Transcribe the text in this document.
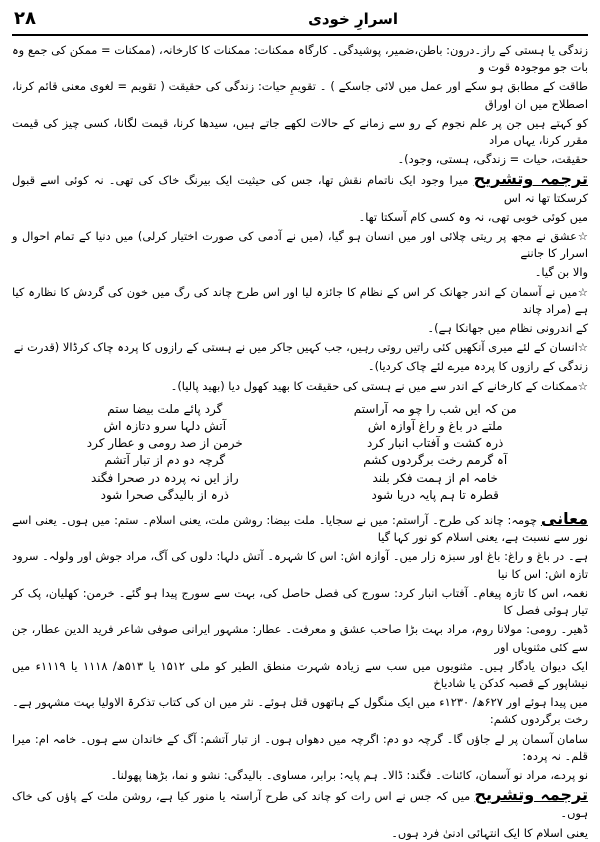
اسرارِ خودی
۲۸

زندگی یا ہستی کے راز۔درون: باطن،ضمیر، پوشیدگی۔ کارگاہ ممکنات: ممکنات کا کارخانہ، (ممکنات = ممکن کی جمع وہ بات جو موجودہ قوت و

طاقت کے مطابق ہو سکے اور عمل میں لائی جاسکے ) ۔ تقویمِ حیات: زندگی کی حقیقت ( تقویم = لغوی معنی قائم کرنا، اصطلاح میں ان اوراق

کو کہتے ہیں جن پر علم نجوم کے رو سے زمانے کے حالات لکھے جاتے ہیں، سیدھا کرنا، قیمت لگانا، کسی چیز کی قیمت مقرر کرنا، یہاں مراد

حقیقت، حیات = زندگی، ہستی، وجود)۔

ترجمہ وتشریح میرا وجود ایک ناتمام نقش تھا، جس کی حیثیت ایک بیرنگ خاک کی تھی۔ نہ کوئی اسے قبول کرسکتا تھا نہ اس

میں کوئی خوبی تھی، نہ وہ کسی کام آسکتا تھا۔

☆عشق نے مجھ پر ریتی چلائی اور میں انسان ہو گیا، (میں نے آدمی کی صورت اختیار کرلی) میں دنیا کے تمام احوال و اسرار کا جاننے

والا بن گیا۔

☆میں نے آسمان کے اندر جھانک کر اس کے نظام کا جائزہ لیا اور اس طرح چاند کی رگ میں خون کی گردش کا نظارہ کیا ہے (مراد چاند

کے اندرونی نظام میں جھانکا ہے)۔

☆انسان کے لئے میری آنکھیں کئی راتیں روتی رہیں، جب کہیں جاکر میں نے ہستی کے رازوں کا پردہ چاک کرڈالا (قدرت نے

زندگی کے رازوں کا پردہ میرے لئے چاک کردیا)۔

☆ممکنات کے کارخانے کے اندر سے میں نے ہستی کی حقیقت کا بھید کھول دیا (بھید پالیا)۔

من کہ ایں شب را چو مہ آراستم
گرد پائے ملت بیضا ستم
ملتے در باغ و راغ آوازہ اش
آتش دلہا سرو دتازہ اش
ذرہ کشت و آفتاب انبار کرد
خرمن از صد رومی و عطار کرد
آہ گرمم رخت برگردوں کشم
گرچہ دو دم از تبار آتشم
خامہ ام از ہمت فکر بلند
راز ایں نہ پردہ در صحرا فگند
قطرہ تا ہم پایہ دریا شود
ذرہ از بالیدگی صحرا شود

معانی چومہ: چاند کی طرح۔ آراستم: میں نے سجایا۔ ملت بیضا: روشن ملت، یعنی اسلام۔ ستم: میں ہوں۔ یعنی اسے نور سے نسبت ہے، یعنی اسلام کو نور کہا گیا

ہے۔ در باغ و راغ: باغ اور سبزہ زار میں۔ آوازہ اش: اس کا شہرہ۔ آتش دلہا: دلوں کی آگ، مراد جوش اور ولولہ۔ سرود تازہ اش: اس کا نیا

نغمہ، اس کا تازہ پیغام۔ آفتاب انبار کرد: سورج کی فصل حاصل کی، بہت سے سورج پیدا ہو گئے۔ خرمن: کھلیان، پک کر تیار ہوئی فصل کا

ڈھیر۔ رومی: مولانا روم، مراد بہت بڑا صاحب عشق و معرفت۔ عطار: مشہور ایرانی صوفی شاعر فرید الدین عطار، جن سے کئی مثنویاں اور

ایک دیوان یادگار ہیں۔ مثنویوں میں سب سے زیادہ شہرت منطق الطیر کو ملی ۱۵۱۲ یا ۵۱۳ھ/ ۱۱۱۸ یا ۱۱۱۹ء میں نیشاپور کے قصبہ کدکن یا شادیاخ

میں پیدا ہوئے اور ۶۲۷ھ/ ۱۲۳۰ء میں ایک منگول کے ہاتھوں قتل ہوئے۔ نثر میں ان کی کتاب تذکرۃ الاولیا بہت مشہور ہے۔ رخت برگردوں کشم:

سامان آسمان پر لے جاؤں گا۔ گرچہ دو دم: اگرچہ میں دھواں ہوں۔ از تبار آتشم: آگ کے خاندان سے ہوں۔ خامہ ام: میرا قلم۔ نہ پردہ:

نو پردے، مراد نو آسمان، کائنات۔ فگند: ڈالا۔ ہم پایہ: برابر، مساوی۔ بالیدگی: نشو و نما، بڑھنا پھولنا۔

ترجمہ وتشریح میں کہ جس نے اس رات کو چاند کی طرح آراستہ یا منور کیا ہے، روشن ملت کے پاؤں کی خاک ہوں۔

یعنی اسلام کا ایک انتہائی ادنیٰ فرد ہوں۔
